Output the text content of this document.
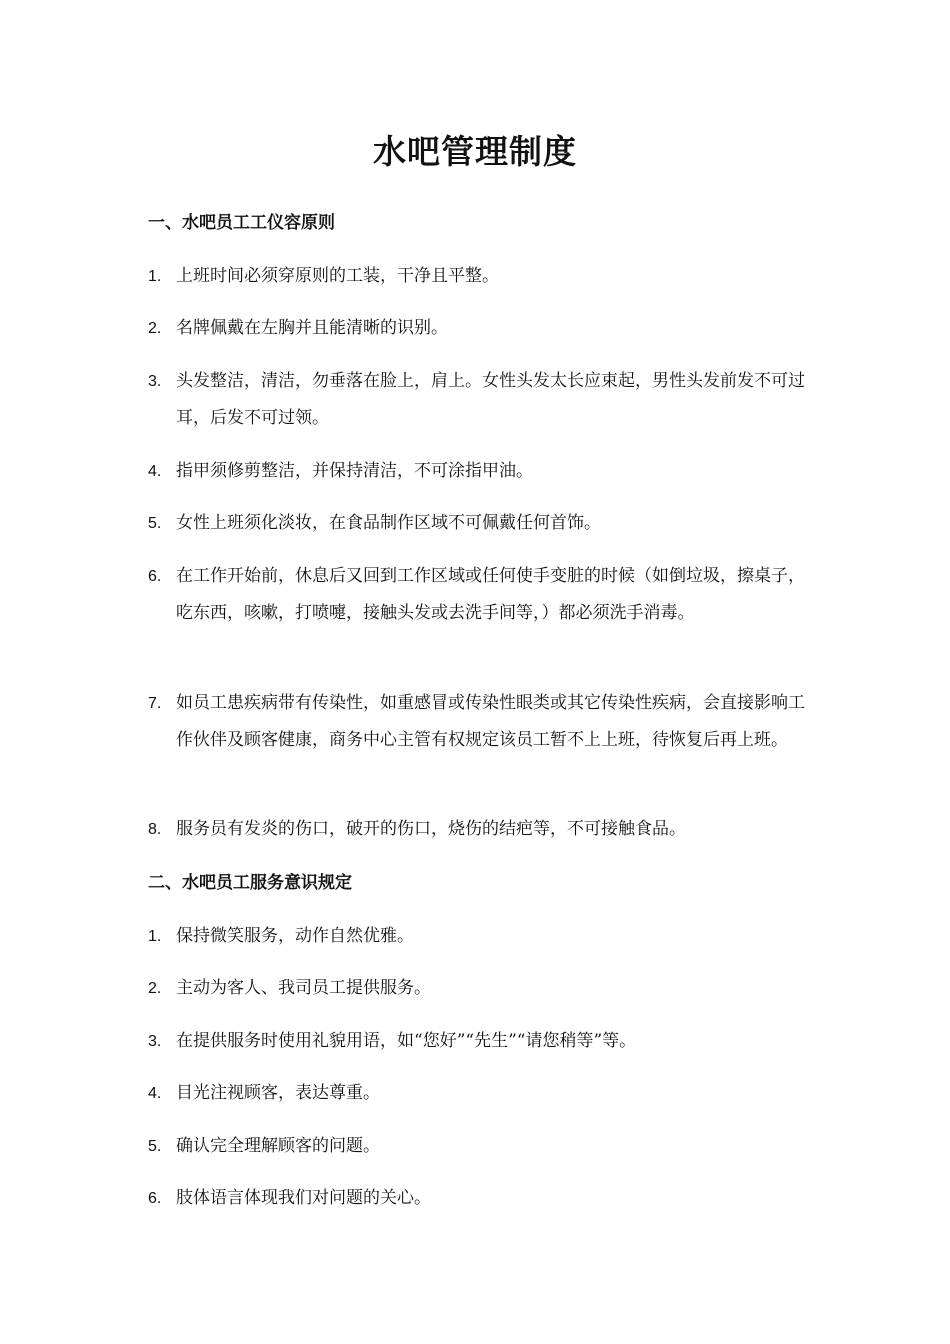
水吧管理制度
一、水吧员工工仪容原则
1. 上班时间必须穿原则的工装，干净且平整。
2. 名牌佩戴在左胸并且能清晰的识别。
3. 头发整洁，清洁，勿垂落在脸上，肩上。女性头发太长应束起，男性头发前发不可过耳，后发不可过领。
4. 指甲须修剪整洁，并保持清洁，不可涂指甲油。
5. 女性上班须化淡妆，在食品制作区域不可佩戴任何首饰。
6. 在工作开始前，休息后又回到工作区域或任何使手变脏的时候（如倒垃圾，擦桌子，吃东西，咳嗽，打喷嚏，接触头发或去洗手间等，）都必须洗手消毒。
7. 如员工患疾病带有传染性，如重感冒或传染性眼类或其它传染性疾病，会直接影响工作伙伴及顾客健康，商务中心主管有权规定该员工暂不上上班，待恢复后再上班。
8. 服务员有发炎的伤口，破开的伤口，烧伤的结疤等，不可接触食品。
二、水吧员工服务意识规定
1. 保持微笑服务，动作自然优雅。
2. 主动为客人、我司员工提供服务。
3. 在提供服务时使用礼貌用语，如“您好”“先生”“请您稍等”等。
4. 目光注视顾客，表达尊重。
5. 确认完全理解顾客的问题。
6. 肢体语言体现我们对问题的关心。
